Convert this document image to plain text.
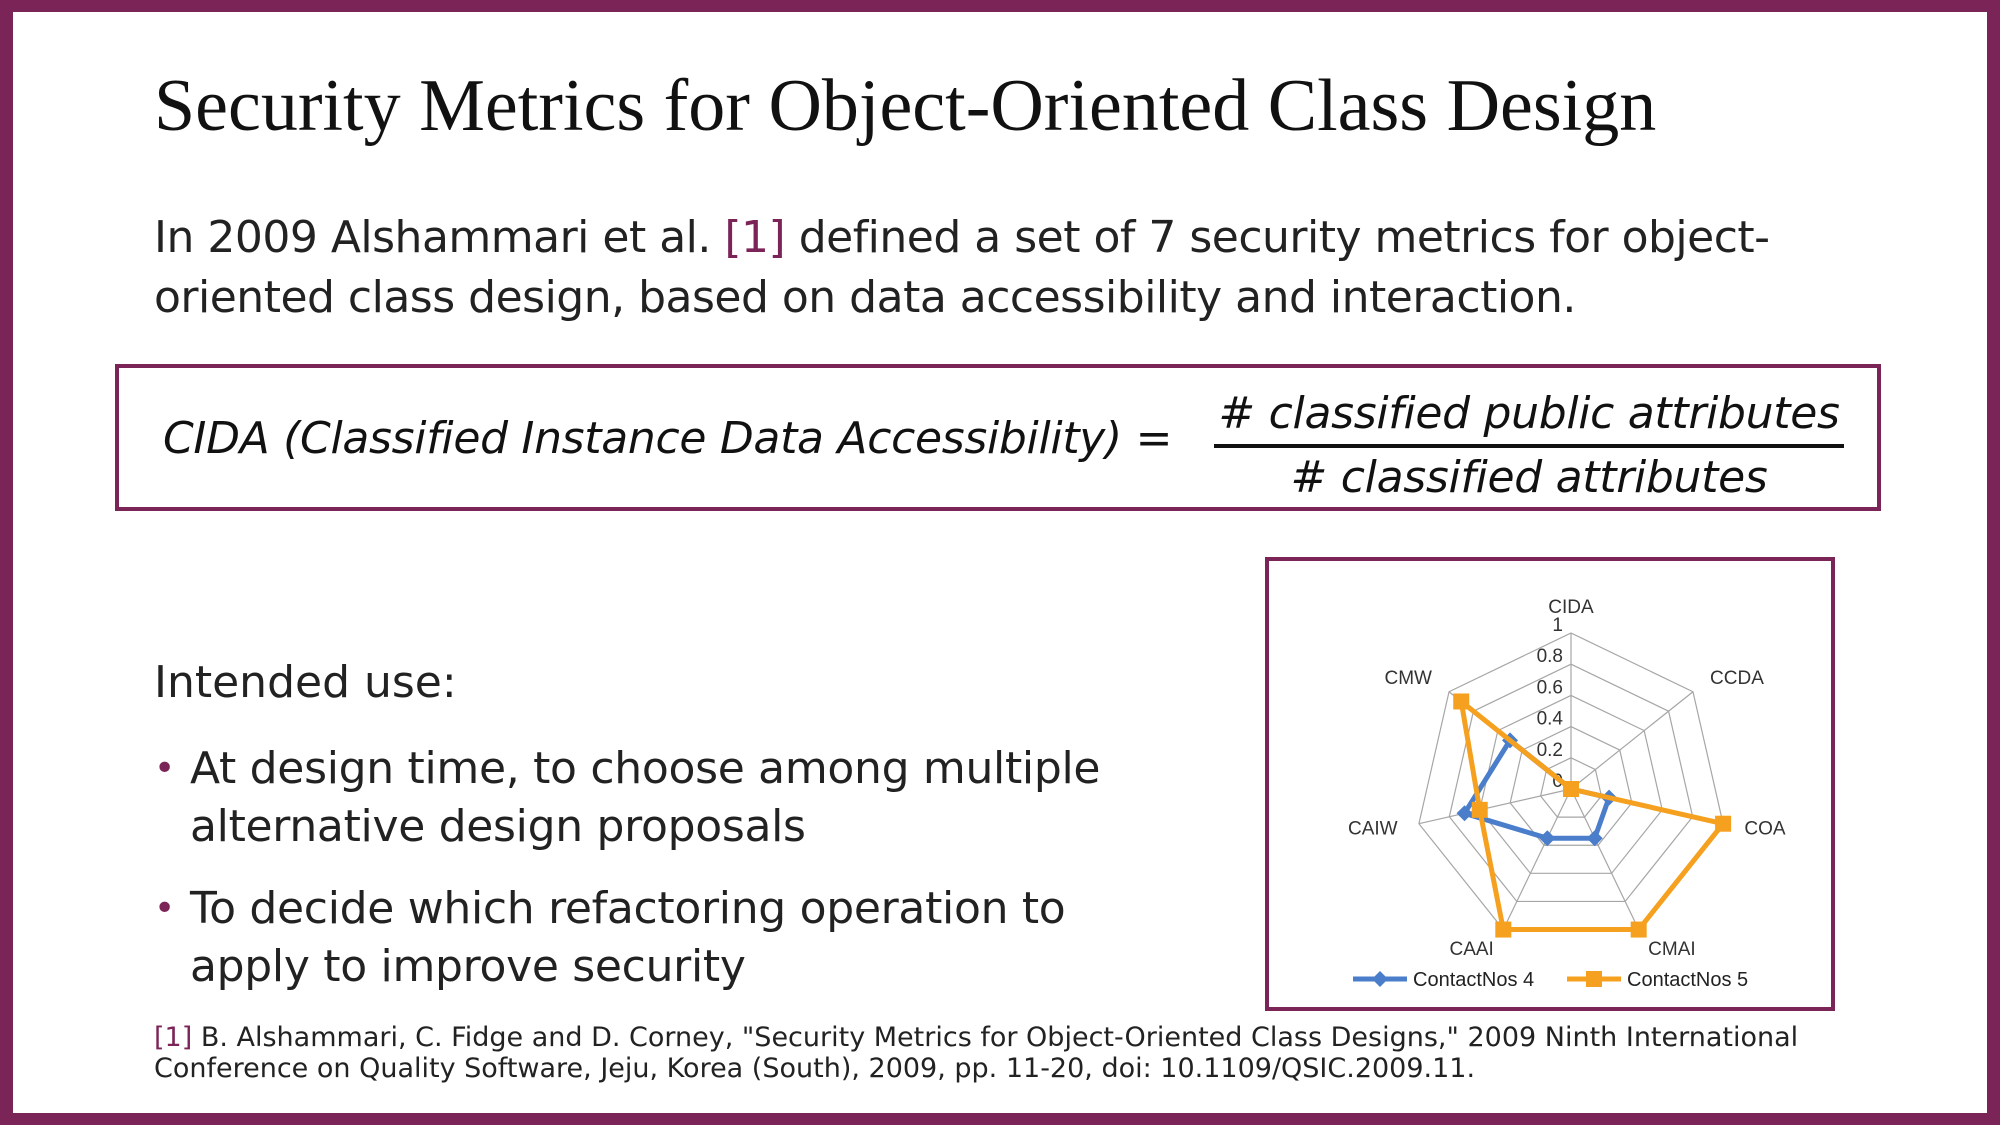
Security Metrics for Object-Oriented Class Design
In 2009 Alshammari et al. [1] defined a set of 7 security metrics for object-oriented class design, based on data accessibility and interaction.
CIDA (Classified Instance Data Accessibility) = # classified public attributes
# classified attributes
Intended use:
• At design time, to choose among multiple alternative design proposals
• To decide which refactoring operation to apply to improve security
0
0.2
0.4
0.6
0.8
1
CIDA
CCDA
COA
CMAI
CAAI
CAIW
CMW
ContactNos 4	ContactNos 5
[1] B. Alshammari, C. Fidge and D. Corney, "Security Metrics for Object-Oriented Class Designs," 2009 Ninth International Conference on Quality Software, Jeju, Korea (South), 2009, pp. 11-20, doi: 10.1109/QSIC.2009.11.
